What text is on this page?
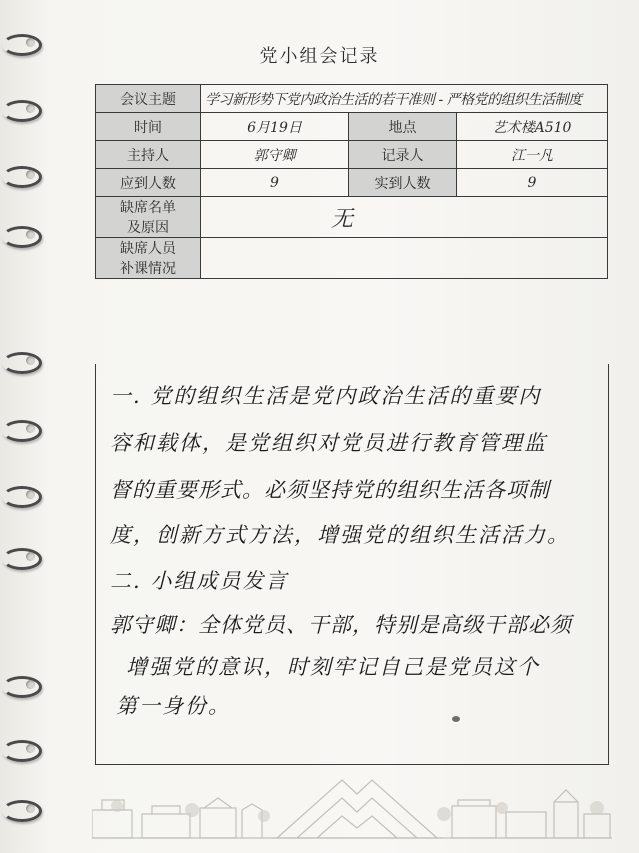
党小组会记录
会议主题	学习新形势下党内政治生活的若干准则 - 严格党的组织生活制度		
时间	6月19日	地点	艺术楼A510
主持人	郭守卿	记录人	江一凡
应到人数	9	实到人数	9

缺席名单
及原因	无		

缺席人员
补课情况			

一. 党的组织生活是党内政治生活的重要内
容和载体，是党组织对党员进行教育管理监
督的重要形式。必须坚持党的组织生活各项制
度，创新方式方法，增强党的组织生活活力。
二. 小组成员发言
郭守卿：全体党员、干部，特别是高级干部必须
增强党的意识，时刻牢记自己是党员这个
第一身份。
